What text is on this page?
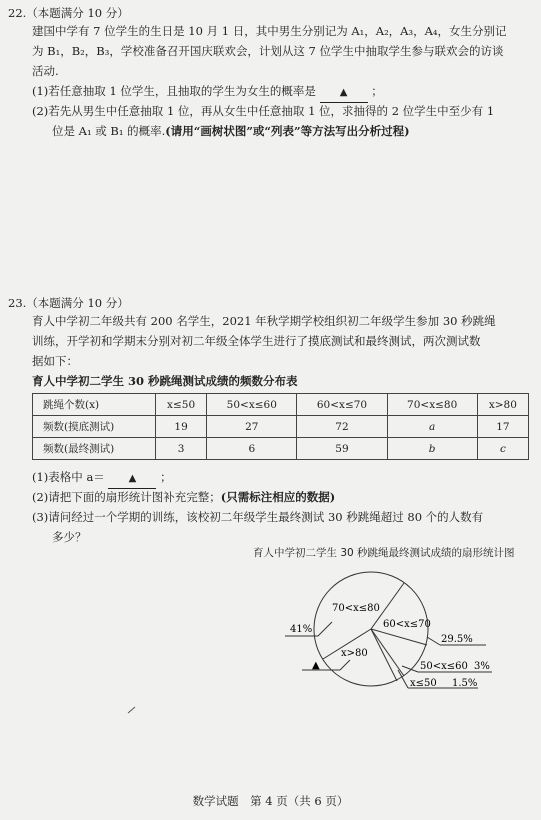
22.（本题满分 10 分）
建国中学有 7 位学生的生日是 10 月 1 日，其中男生分别记为 A₁，A₂，A₃，A₄，女生分别记
为 B₁，B₂，B₃，学校准备召开国庆联欢会，计划从这 7 位学生中抽取学生参与联欢会的访谈
活动.
(1)若任意抽取 1 位学生，且抽取的学生为女生的概率是 ▲ ；
(2)若先从男生中任意抽取 1 位，再从女生中任意抽取 1 位，求抽得的 2 位学生中至少有 1
位是 A₁ 或 B₁ 的概率.(请用“画树状图”或“列表”等方法写出分析过程)
23.（本题满分 10 分）
育人中学初二年级共有 200 名学生，2021 年秋学期学校组织初二年级学生参加 30 秒跳绳
训练，开学初和学期末分别对初二年级全体学生进行了摸底测试和最终测试，两次测试数
据如下：
育人中学初二学生 30 秒跳绳测试成绩的频数分布表
跳绳个数(x)	x≤50	50<x≤60	60<x≤70	70<x≤80	x>80
频数(摸底测试)	19	27	72	a	17
频数(最终测试)	3	6	59	b	c
(1)表格中 a＝ ▲ ；
(2)请把下面的扇形统计图补充完整；(只需标注相应的数据)
(3)请问经过一个学期的训练，该校初二年级学生最终测试 30 秒跳绳超过 80 个的人数有
多少？
育人中学初二学生 30 秒跳绳最终测试成绩的扇形统计图
70<x≤80
60<x≤70
50<x≤60 3%
x≤50 1.5%
x>80
41%
29.5%
▲
数学试题　第 4 页（共 6 页）
